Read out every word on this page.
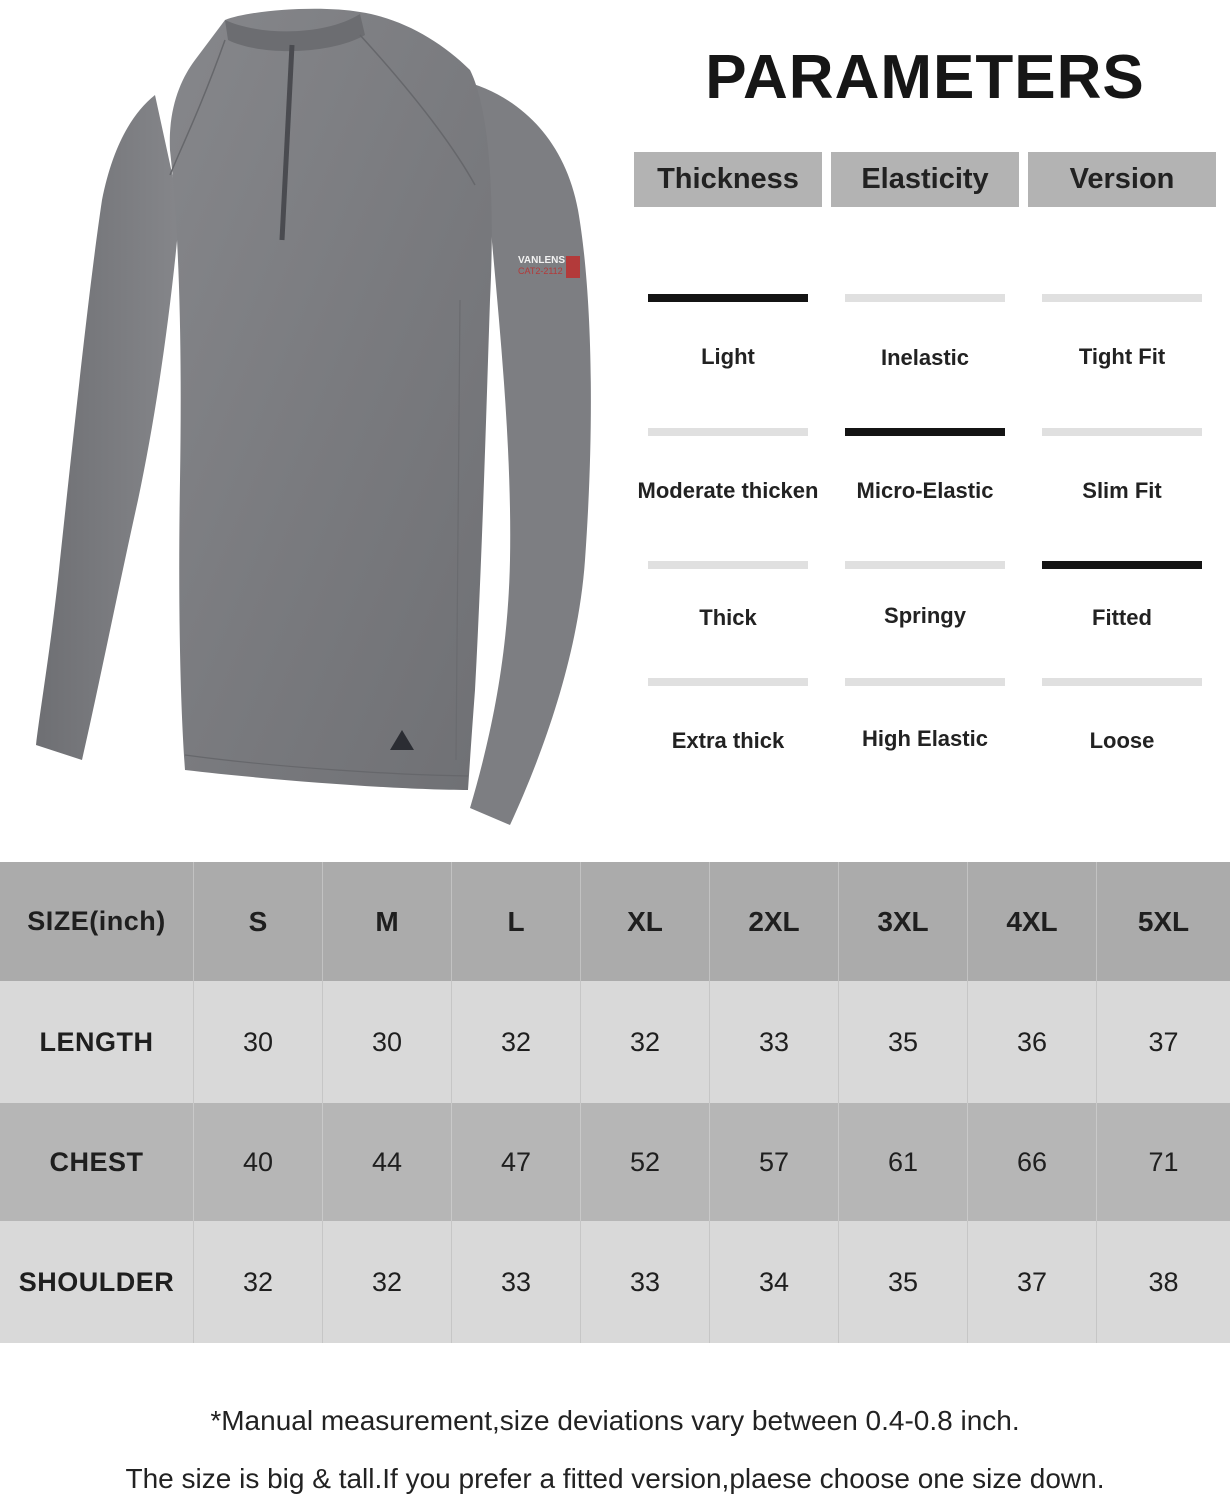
VANLENS
CAT2-2112
PARAMETERS
Thickness
Light
Moderate thicken
Thick
Extra thick
Elasticity
Inelastic
Micro-Elastic
Springy
High Elastic
Version
Tight Fit
Slim Fit
Fitted
Loose
SIZE(inch)	S	M	L	XL	2XL	3XL	4XL	5XL
LENGTH	30	30	32	32	33	35	36	37
CHEST	40	44	47	52	57	61	66	71
SHOULDER	32	32	33	33	34	35	37	38
*Manual measurement,size deviations vary between 0.4-0.8 inch.
The size is big & tall.If you prefer a fitted version,plaese choose one size down.
